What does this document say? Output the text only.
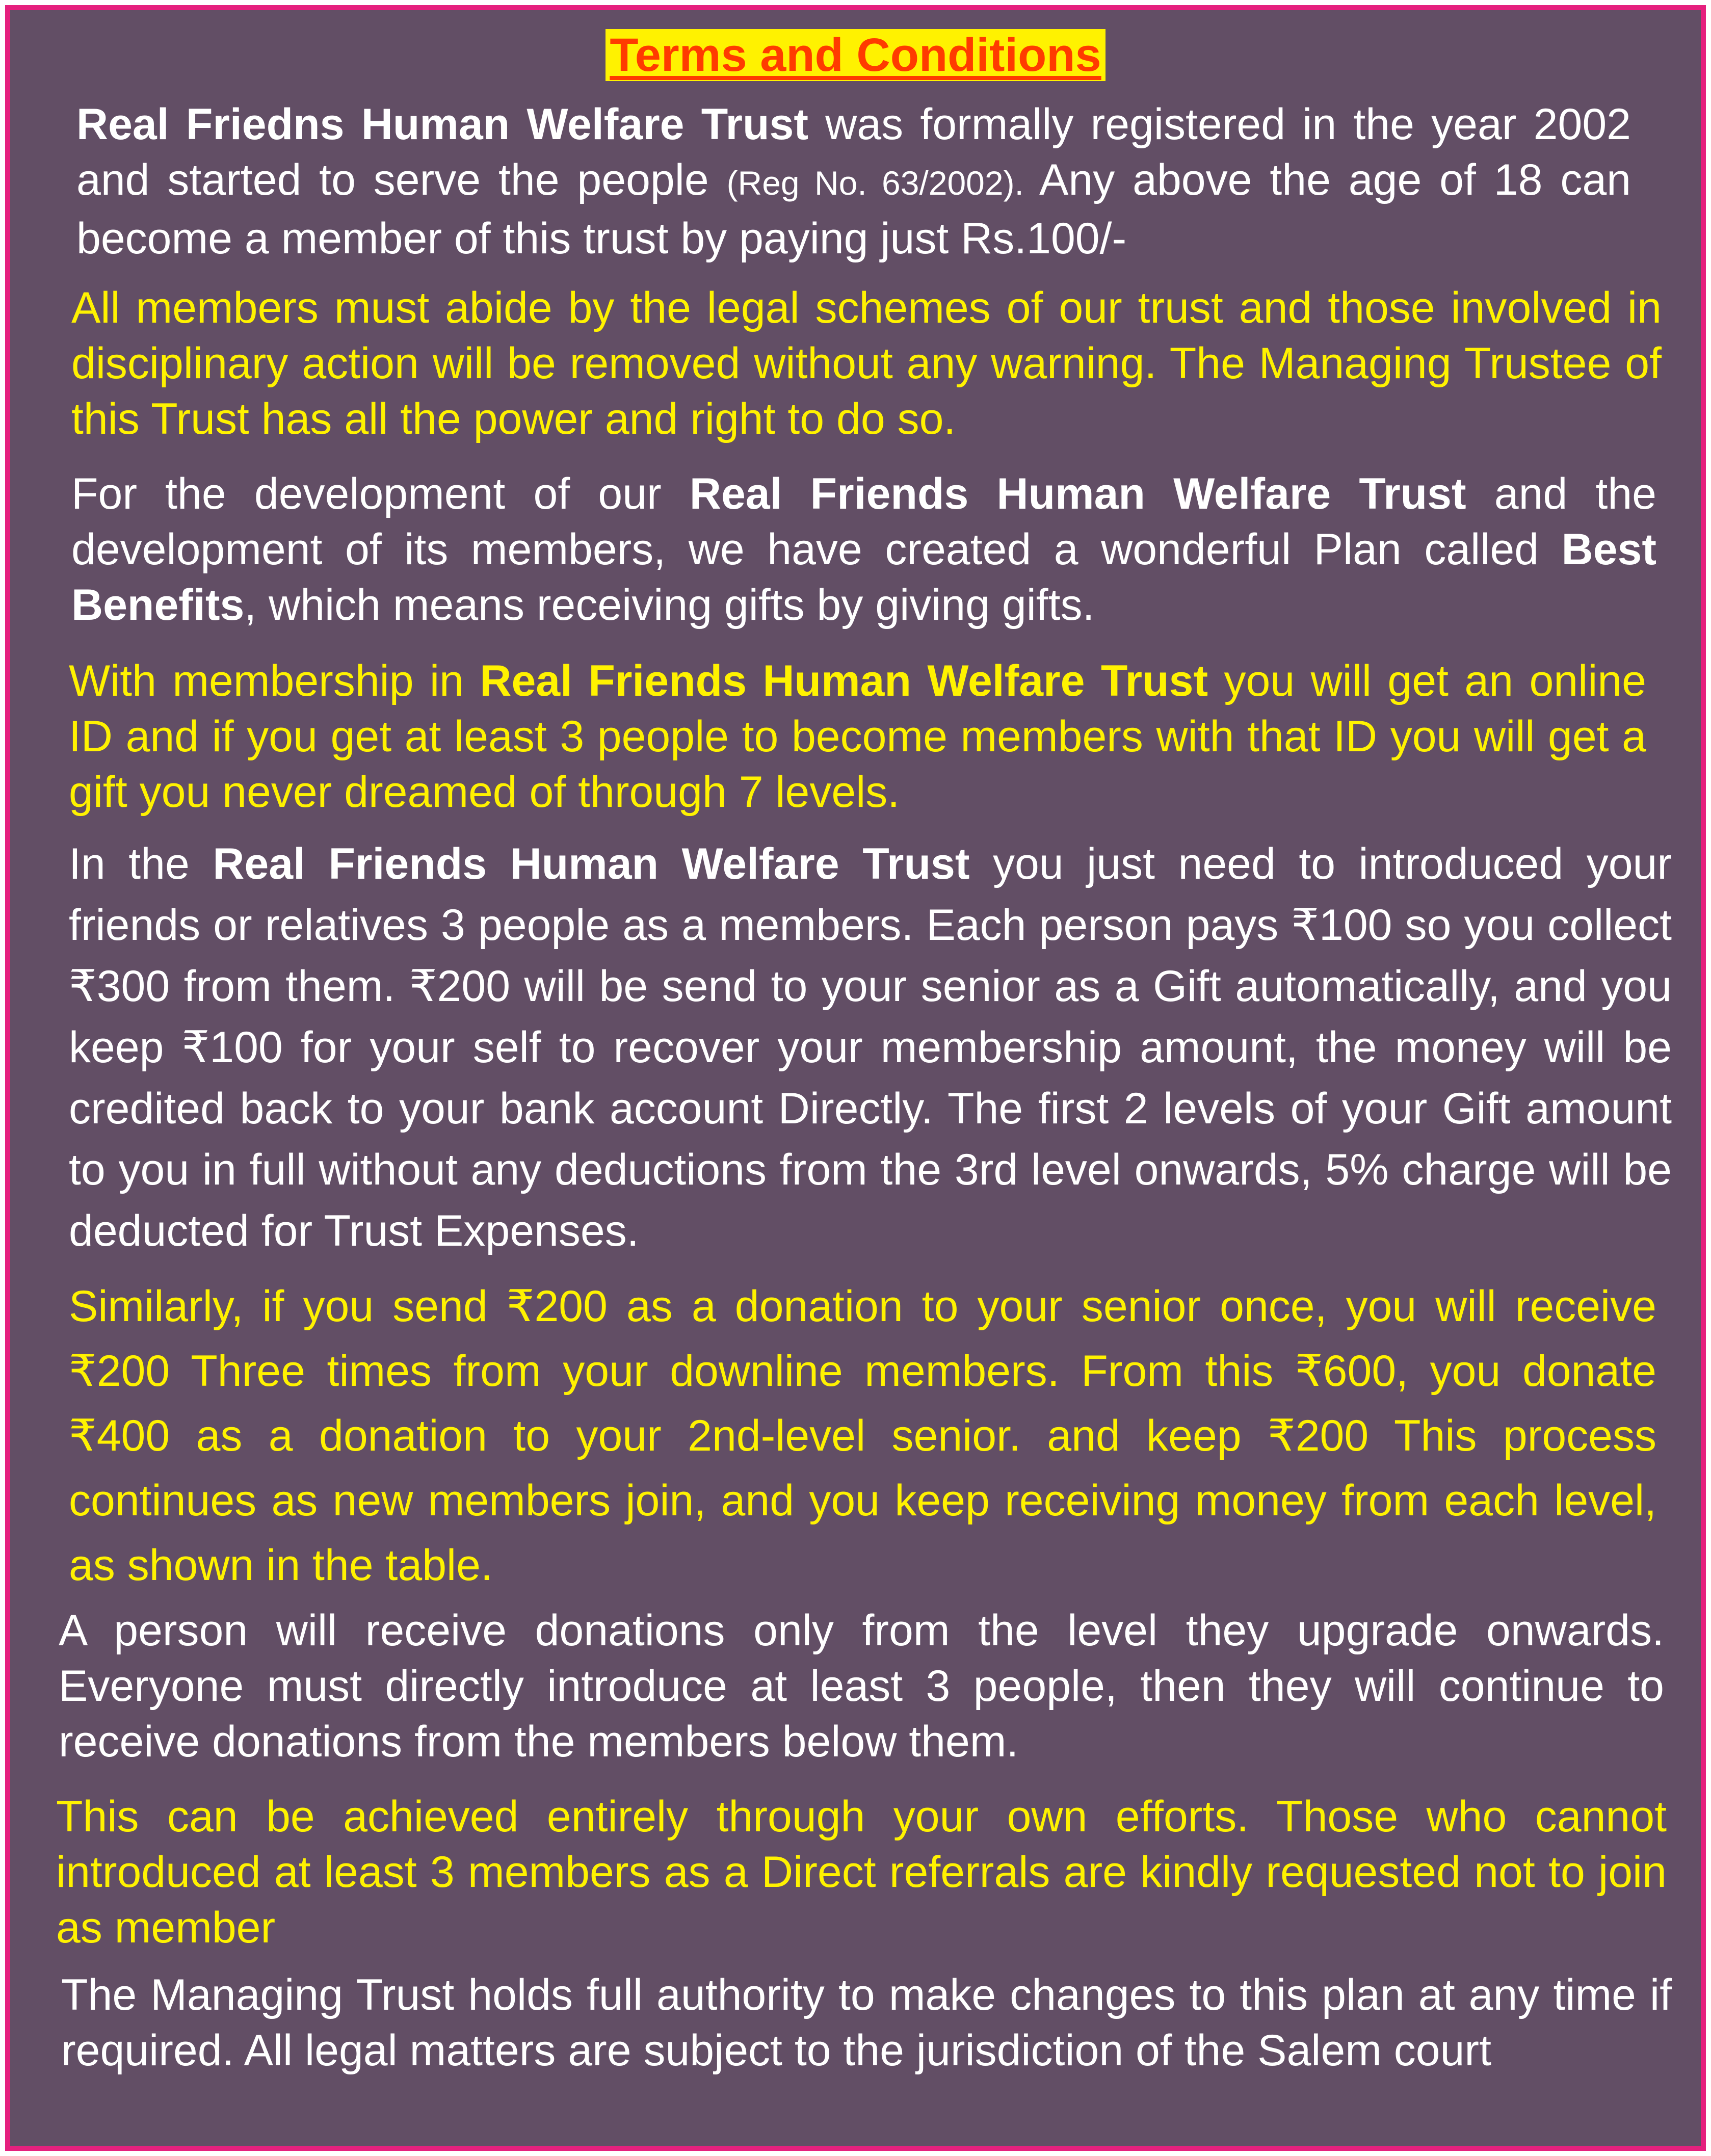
Terms and Conditions

Real Friedns Human Welfare Trust was formally registered in the year 2002 and started to serve the people (Reg No. 63/2002). Any above the age of 18 can become a member of this trust by paying just Rs.100/-

All members must abide by the legal schemes of our trust and those involved in disciplinary action will be removed without any warning. The Managing Trustee of this Trust has all the power and right to do so.

For the development of our Real Friends Human Welfare Trust and the development of its members, we have created a wonderful Plan called Best Benefits, which means receiving gifts by giving gifts.

With membership in Real Friends Human Welfare Trust you will get an online ID and if you get at least 3 people to become members with that ID you will get a gift you never dreamed of through 7 levels.

In the Real Friends Human Welfare Trust you just need to introduced your friends or relatives 3 people as a members. Each person pays ₹100 so you collect ₹300 from them. ₹200 will be send to your senior as a Gift automatically, and you keep ₹100 for your self to recover your membership amount, the money will be credited back to your bank account Directly. The first 2 levels of your Gift amount to you in full without any deductions from the 3rd level onwards, 5% charge will be deducted for Trust Expenses.

Similarly, if you send ₹200 as a donation to your senior once, you will receive ₹200 Three times from your downline members. From this ₹600, you donate ₹400 as a donation to your 2nd-level senior. and keep ₹200 This process continues as new members join, and you keep receiving money from each level, as shown in the table.

A person will receive donations only from the level they upgrade onwards. Everyone must directly introduce at least 3 people, then they will continue to receive donations from the members below them.

This can be achieved entirely through your own efforts. Those who cannot introduced at least 3 members as a Direct referrals are kindly requested not to join as member

The Managing Trust holds full authority to make changes to this plan at any time if required. All legal matters are subject to the jurisdiction of the Salem court
